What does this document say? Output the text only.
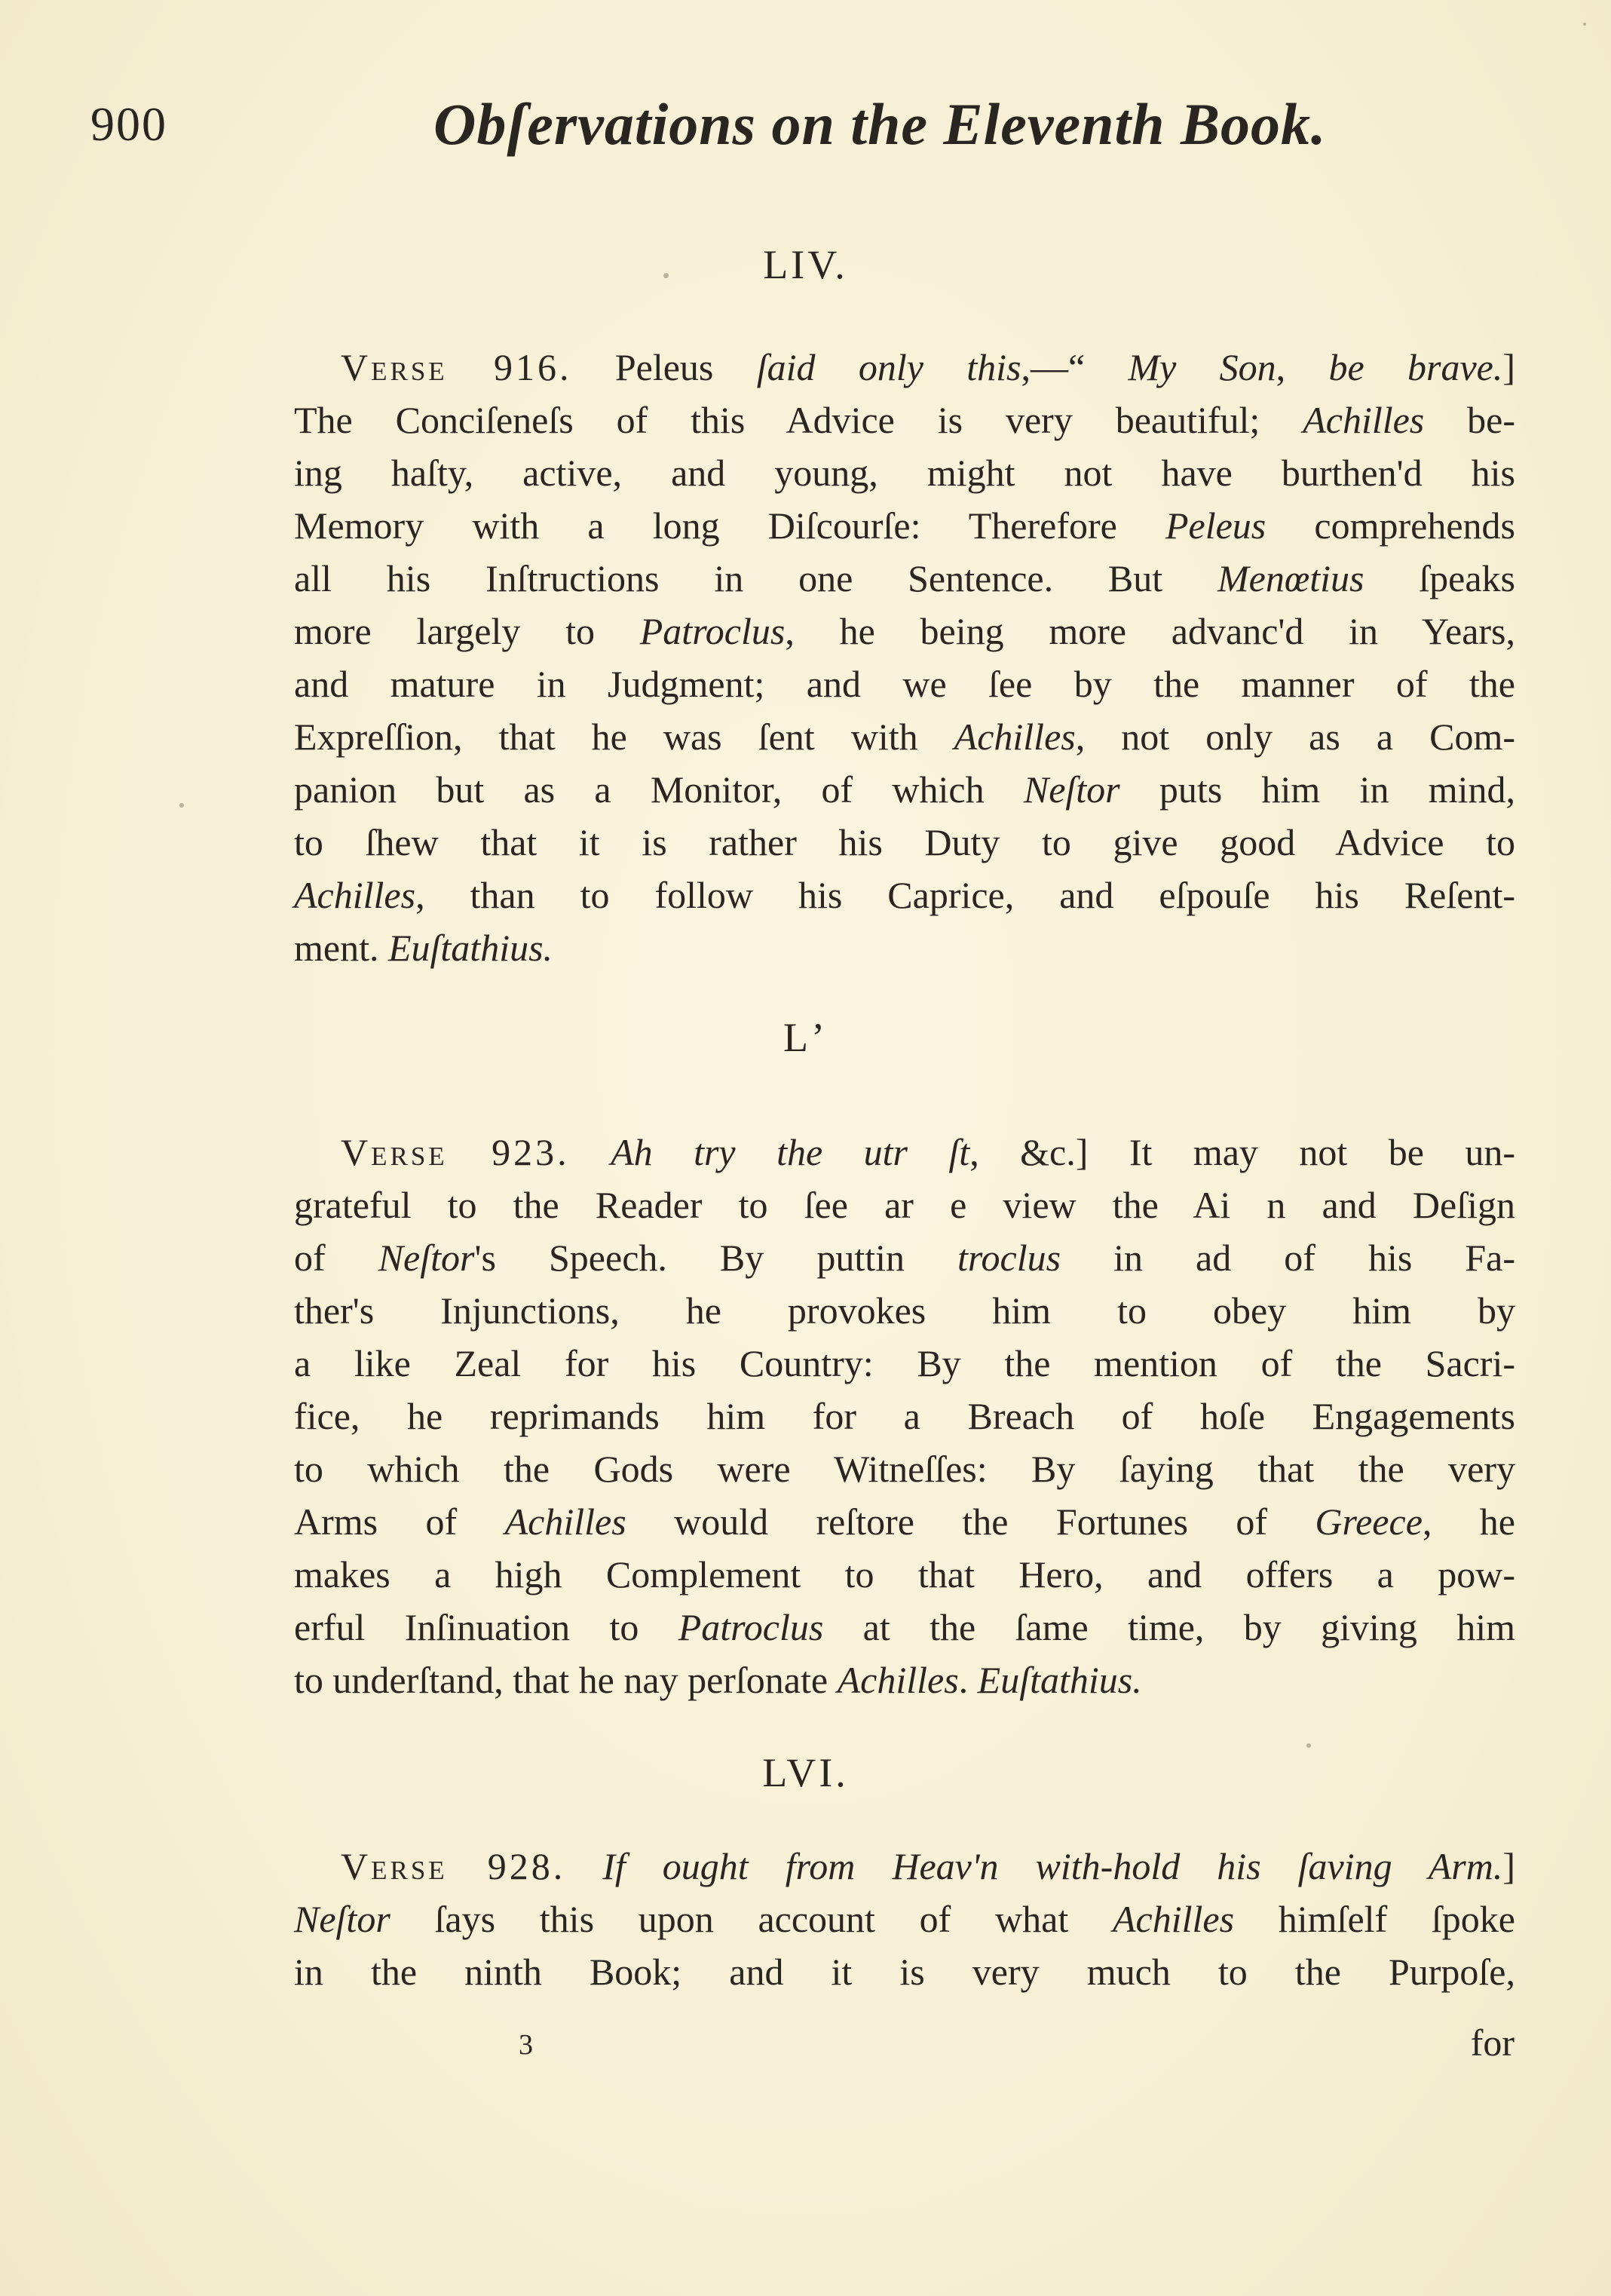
900	Obſervations on the Eleventh Book.
LIV.
Verse 916. Peleus ſaid only this,—“ My Son, be brave.]
The Conciſeneſs of this Advice is very beautiful; Achilles be-
ing haſty, active, and young, might not have burthen'd his
Memory with a long Diſcourſe: Therefore Peleus comprehends
all his Inſtructions in one Sentence. But Menœtius ſpeaks
more largely to Patroclus, he being more advanc'd in Years,
and mature in Judgment; and we ſee by the manner of the
Expreſſion, that he was ſent with Achilles, not only as a Com-
panion but as a Monitor, of which Neſtor puts him in mind,
to ſhew that it is rather his Duty to give good Advice to
Achilles, than to follow his Caprice, and eſpouſe his Reſent-
ment. Euſtathius.
Lʼ
Verse 923. Ah try the utr ſt, &c.] It may not be un-
grateful to the Reader to ſee ar e view the Ai n and Deſign
of Neſtor's Speech. By puttin troclus in ad of his Fa-
ther's Injunctions, he provokes him to obey him by
a like Zeal for his Country: By the mention of the Sacri-
fice, he reprimands him for a Breach of hoſe Engagements
to which the Gods were Witneſſes: By ſaying that the very
Arms of Achilles would reſtore the Fortunes of Greece, he
makes a high Complement to that Hero, and offers a pow-
erful Inſinuation to Patroclus at the ſame time, by giving him
to underſtand, that he nay perſonate Achilles. Euſtathius.
LVI.
Verse 928. If ought from Heav'n with-hold his ſaving Arm.]
Neſtor ſays this upon account of what Achilles himſelf ſpoke
in the ninth Book; and it is very much to the Purpoſe,
3	for
